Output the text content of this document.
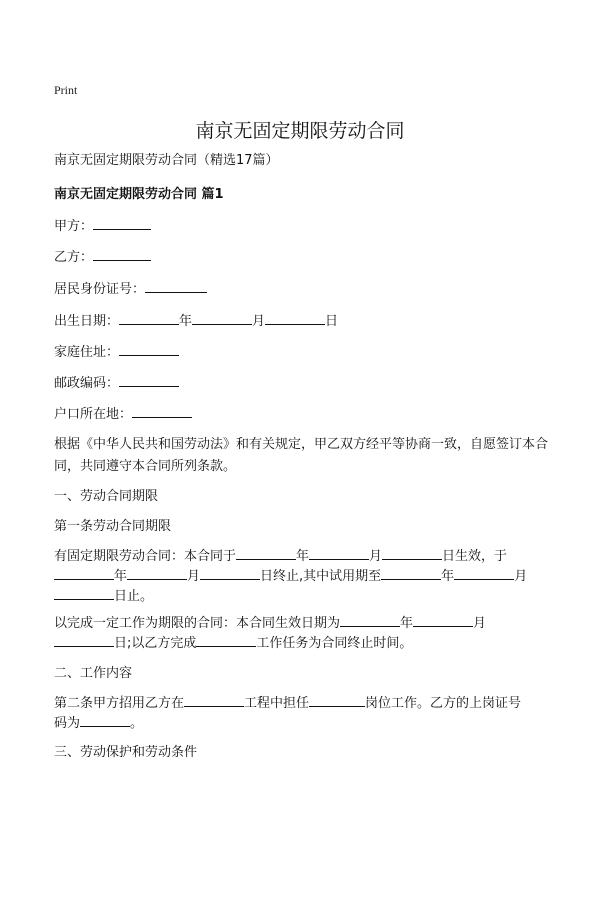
Print
南京无固定期限劳动合同
南京无固定期限劳动合同（精选17篇）
南京无固定期限劳动合同 篇1
甲方：
乙方：
居民身份证号：
出生日期：	年	月	日
家庭住址：
邮政编码：
户口所在地：
根据《中华人民共和国劳动法》和有关规定，甲乙双方经平等协商一致，自愿签订本合同，共同遵守本合同所列条款。
一、劳动合同期限
第一条劳动合同期限
有固定期限劳动合同：本合同于	年	月	日生效，于
年	月	日终止,其中试用期至	年	月
日止。
以完成一定工作为期限的合同：本合同生效日期为	年	月
日;以乙方完成	工作任务为合同终止时间。
二、工作内容
第二条甲方招用乙方在	工程中担任	岗位工作。乙方的上岗证号
码为	。
三、劳动保护和劳动条件
